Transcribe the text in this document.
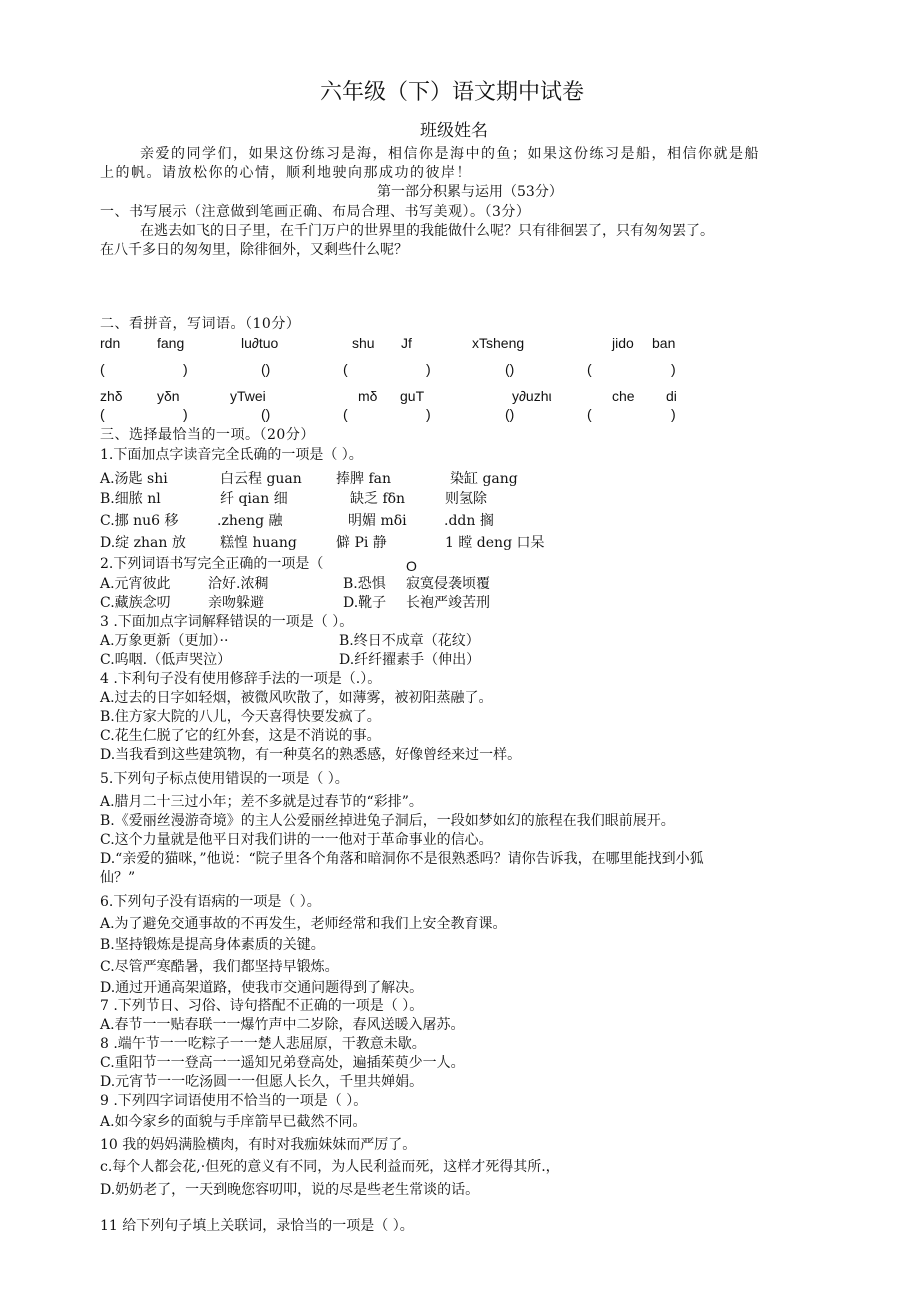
六年级（下）语文期中试卷
班级姓名
亲爱的同学们，如果这份练习是海，相信你是海中的鱼；如果这份练习是船，相信你就是船
上的帆。请放松你的心情，顺利地驶向那成功的彼岸！
第一部分积累与运用（53分）
一、书写展示（注意做到笔画正确、布局合理、书写美观）。（3分）
在逃去如飞的日子里，在千门万户的世界里的我能做什么呢？只有徘徊罢了，只有匆匆罢了。
在八千多日的匆匆里，除徘徊外，又剩些什么呢？
二、看拼音，写词语。（10分）
rdn	fang	lu∂tuo	shu Jf	xTsheng	jido ban
(	)	()	(	)	()	(	)
zhδ yδn	yTwei	mδ guT	y∂uzhι	che di
(	)	()	(	)	()	(	)
三、选择最恰当的一项。（20分）
1.下面加点字读音完全氐确的一项是（ ）。
A.汤匙 shi	白云程 guan 捧脾 fan	染缸 gang
B.细脓 nl	纤 qian 细	缺乏 fδn	则氢除
C.挪 nu6 移	.zheng 融	明媚 mδi	.ddn 搁
D.绽 zhan 放 糕惶 huang	僻 Pi 静	1 瞠 deng 口呆
2.下列词语书写完全正确的一项是（	O
A.元宵彼此	洽好.浓稠	B.恐惧 寂寞侵袭顷覆
C.藏族念叨	亲吻躲避	D.靴子 长袍严竣苦刑
3 .下面加点字词解释错误的一项是（ ）。
A.万象更新（更加）··	B.终日不成章（花纹）
C.呜咽.（低声哭泣）	D.纤纤擢素手（伸出）
4 .卞利句子没有使用修辞手法的一项是（.）。
A.过去的日字如轻烟，被微风吹散了，如薄雾，被初阳蒸融了。
B.住方家大院的八儿，今天喜得快要发疯了。
C.花生仁脱了它的红外套，这是不消说的事。
D.当我看到这些建筑物，有一种莫名的熟悉感，好像曾经来过一样。
5.下列句子标点使用错误的一项是（ ）。
A.腊月二十三过小年；差不多就是过春节的“彩排”。
B.《爱丽丝漫游奇境》的主人公爱丽丝掉进兔子洞后，一段如梦如幻的旅程在我们眼前展开。
C.这个力量就是他平日对我们讲的一一他对于革命事业的信心。
D.“亲爱的猫咪，”他说：“院子里各个角落和暗洞你不是很熟悉吗？请你告诉我，在哪里能找到小狐
仙？”
6.下列句子没有语病的一项是（ ）。
A.为了避免交通事故的不再发生，老师经常和我们上安全教育课。
B.坚持锻炼是提高身体素质的关键。
C.尽管严寒酷暑，我们都坚持早锻炼。
D.通过开通高架道路，使我市交通问题得到了解决。
7 .下列节日、习俗、诗句搭配不正确的一项是（ ）。
A.春节一一贴春联一一爆竹声中二岁除，春风送暖入屠苏。
8 .端午节一一吃粽子一一楚人悲屈原，干教意未歇。
C.重阳节一一登高一一遥知兄弟登高处，遍插茱萸少一人。
D.元宵节一一吃汤圆一一但愿人长久，千里共婵娟。
9 .下列四字词语使用不恰当的一项是（ ）。
A.如今家乡的面貌与手庠箭早已截然不同。
10 我的妈妈满脸横肉，有时对我痂妹妹而严厉了。
c.每个人都会花,·但死的意义有不同，为人民利益而死，这样才死得其所.，
D.奶奶老了，一天到晚您容叨叩，说的尽是些老生常谈的话。
11 给下列句子填上关联词，录恰当的一项是（ ）。
